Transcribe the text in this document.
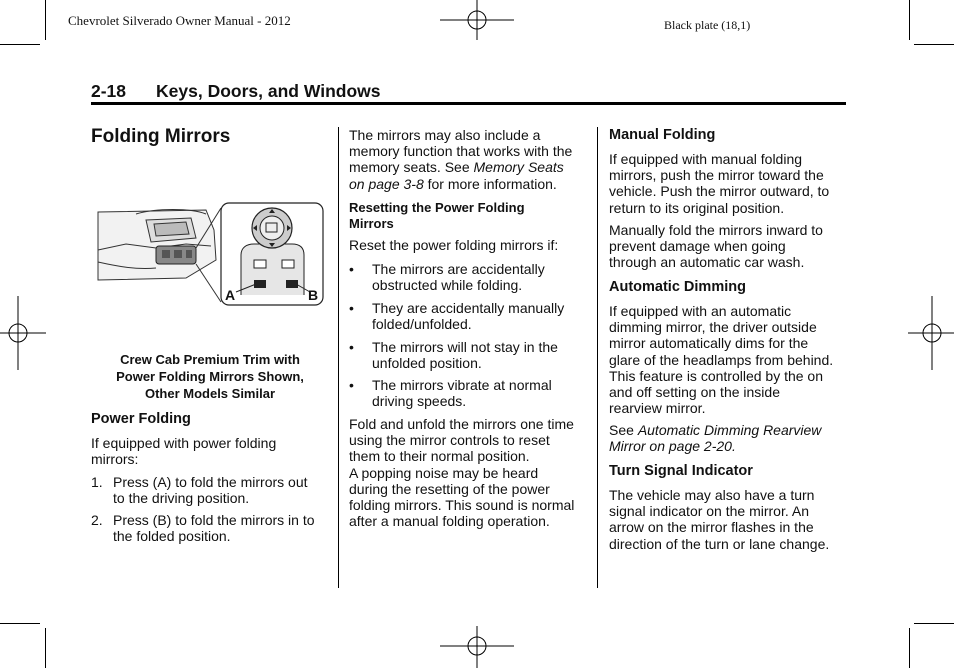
Chevrolet Silverado Owner Manual - 2012	Black plate (18,1)
2-18 Keys, Doors, and Windows
Folding Mirrors
A	B
Crew Cab Premium Trim with
Power Folding Mirrors Shown,
Other Models Similar
Power Folding

If equipped with power folding
mirrors:

1. Press (A) to fold the mirrors out
to the driving position.
2. Press (B) to fold the mirrors in to
the folded position.

The mirrors may also include a
memory function that works with the
memory seats. See Memory Seats
on page 3-8 for more information.

Resetting the Power Folding
Mirrors

Reset the power folding mirrors if:

•	The mirrors are accidentally
obstructed while folding.
•	They are accidentally manually
folded/unfolded.
•	The mirrors will not stay in the
unfolded position.
•	The mirrors vibrate at normal
driving speeds.

Fold and unfold the mirrors one time
using the mirror controls to reset
them to their normal position.
A popping noise may be heard
during the resetting of the power
folding mirrors. This sound is normal
after a manual folding operation.

Manual Folding

If equipped with manual folding
mirrors, push the mirror toward the
vehicle. Push the mirror outward, to
return to its original position.

Manually fold the mirrors inward to
prevent damage when going
through an automatic car wash.

Automatic Dimming

If equipped with an automatic
dimming mirror, the driver outside
mirror automatically dims for the
glare of the headlamps from behind.
This feature is controlled by the on
and off setting on the inside
rearview mirror.

See Automatic Dimming Rearview
Mirror on page 2-20.

Turn Signal Indicator

The vehicle may also have a turn
signal indicator on the mirror. An
arrow on the mirror flashes in the
direction of the turn or lane change.
